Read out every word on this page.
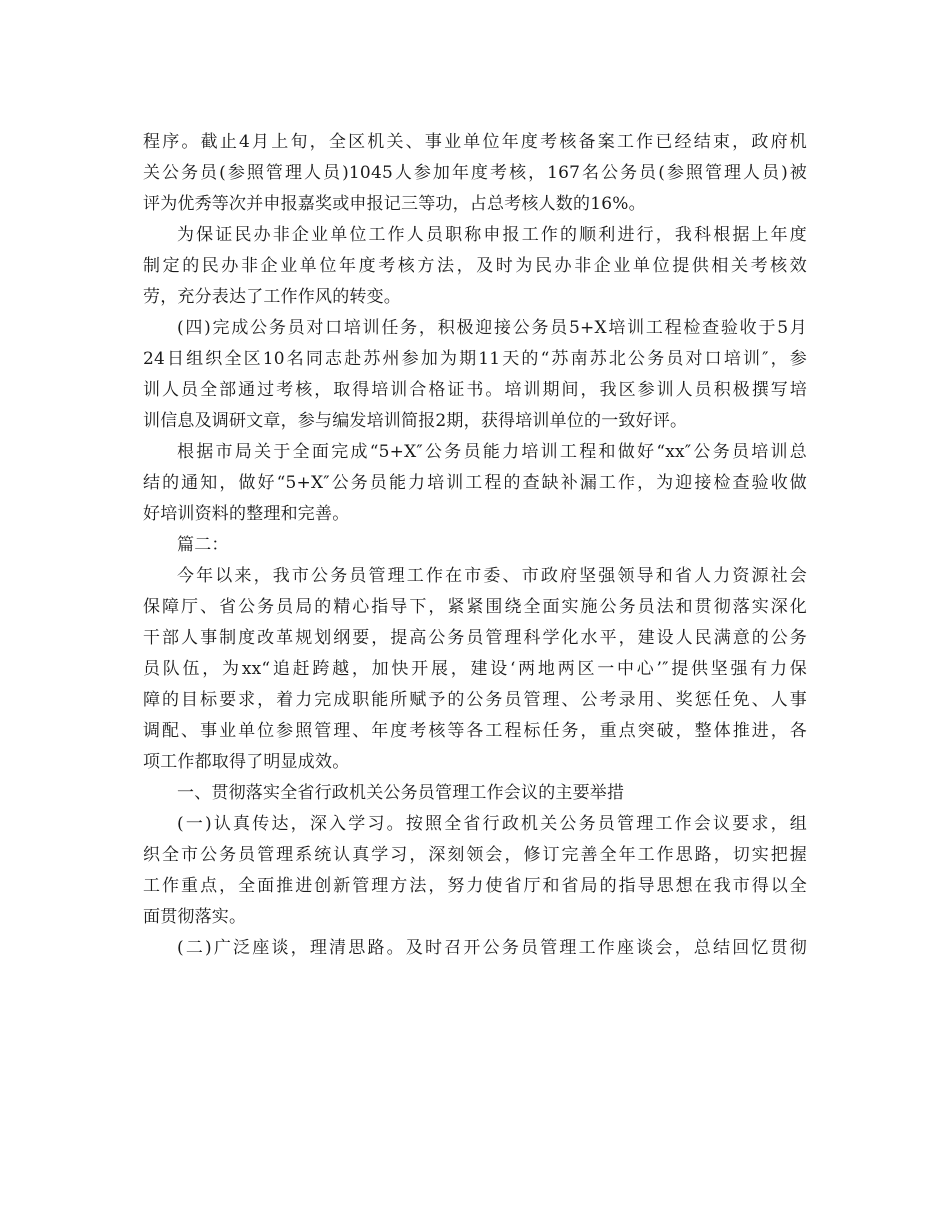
程序。截止4月上旬，全区机关、事业单位年度考核备案工作已经结束，政府机
关公务员(参照管理人员)1045人参加年度考核，167名公务员(参照管理人员)被
评为优秀等次并申报嘉奖或申报记三等功，占总考核人数的16%。
为保证民办非企业单位工作人员职称申报工作的顺利进行，我科根据上年度
制定的民办非企业单位年度考核方法，及时为民办非企业单位提供相关考核效
劳，充分表达了工作作风的转变。
(四)完成公务员对口培训任务，积极迎接公务员5+X培训工程检查验收于5月
24日组织全区10名同志赴苏州参加为期11天的“苏南苏北公务员对口培训″，参
训人员全部通过考核，取得培训合格证书。培训期间，我区参训人员积极撰写培
训信息及调研文章，参与编发培训简报2期，获得培训单位的一致好评。
根据市局关于全面完成“5+X″公务员能力培训工程和做好“xx″公务员培训总
结的通知，做好“5+X″公务员能力培训工程的查缺补漏工作，为迎接检查验收做
好培训资料的整理和完善。
篇二：
今年以来，我市公务员管理工作在市委、市政府坚强领导和省人力资源社会
保障厅、省公务员局的精心指导下，紧紧围绕全面实施公务员法和贯彻落实深化
干部人事制度改革规划纲要，提高公务员管理科学化水平，建设人民满意的公务
员队伍，为xx“追赶跨越，加快开展，建设‘两地两区一中心’″提供坚强有力保
障的目标要求，着力完成职能所赋予的公务员管理、公考录用、奖惩任免、人事
调配、事业单位参照管理、年度考核等各工程标任务，重点突破，整体推进，各
项工作都取得了明显成效。
一、贯彻落实全省行政机关公务员管理工作会议的主要举措
(一)认真传达，深入学习。按照全省行政机关公务员管理工作会议要求，组
织全市公务员管理系统认真学习，深刻领会，修订完善全年工作思路，切实把握
工作重点，全面推进创新管理方法，努力使省厅和省局的指导思想在我市得以全
面贯彻落实。
(二)广泛座谈，理清思路。及时召开公务员管理工作座谈会，总结回忆贯彻
